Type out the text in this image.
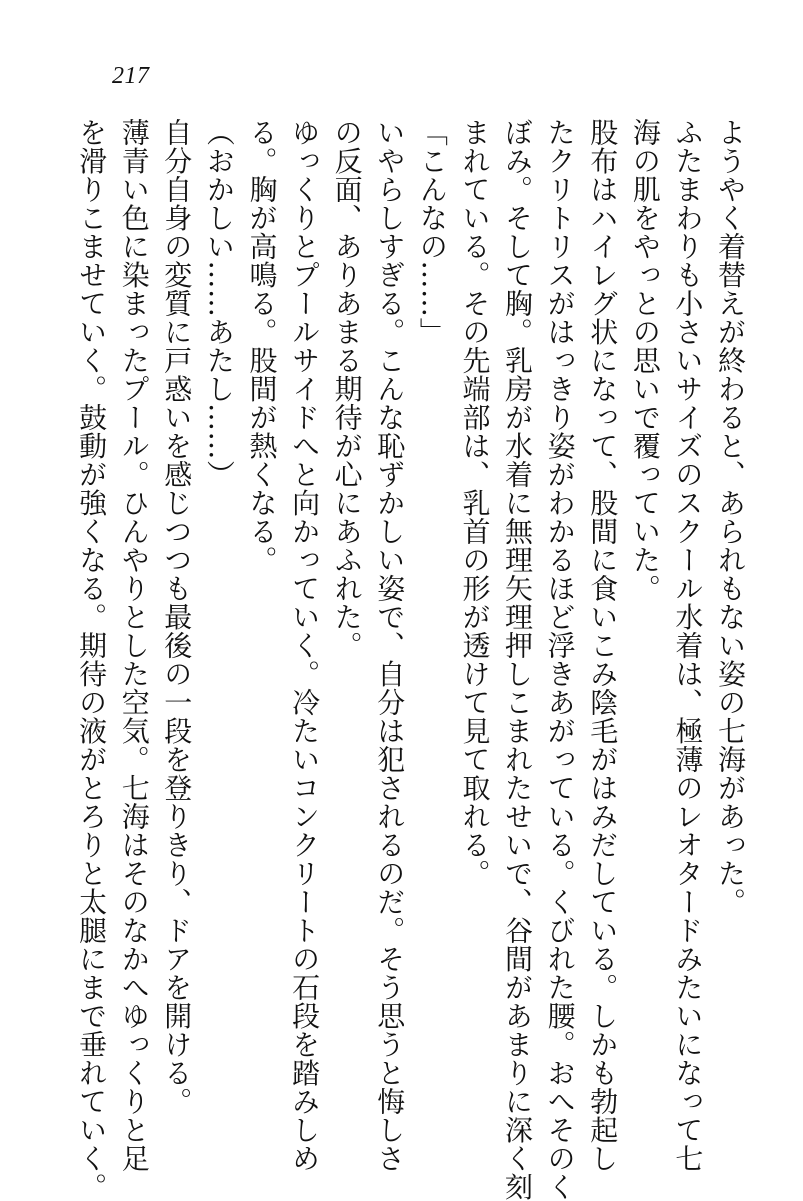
217
ようやく着替えが終わると、あられもない姿の七海があった。
ふたまわりも小さいサイズのスクール水着は、極薄のレオタードみたいになって七
海の肌をやっとの思いで覆っていた。
股布はハイレグ状になって、股間に食いこみ陰毛がはみだしている。しかも勃起し
たクリトリスがはっきり姿がわかるほど浮きあがっている。くびれた腰。おへそのく
ぼみ。そして胸。乳房が水着に無理矢理押しこまれたせいで、谷間があまりに深く刻
まれている。その先端部は、乳首の形が透けて見て取れる。
「こんなの……」
いやらしすぎる。こんな恥ずかしい姿で、自分は犯されるのだ。そう思うと悔しさ
の反面、ありあまる期待が心にあふれた。
ゆっくりとプールサイドへと向かっていく。冷たいコンクリートの石段を踏みしめ
る。胸が高鳴る。股間が熱くなる。
（おかしい……あたし……）
自分自身の変質に戸惑いを感じつつも最後の一段を登りきり、ドアを開ける。
薄青い色に染まったプール。ひんやりとした空気。七海はそのなかへゆっくりと足
を滑りこませていく。鼓動が強くなる。期待の液がとろりと太腿にまで垂れていく。
